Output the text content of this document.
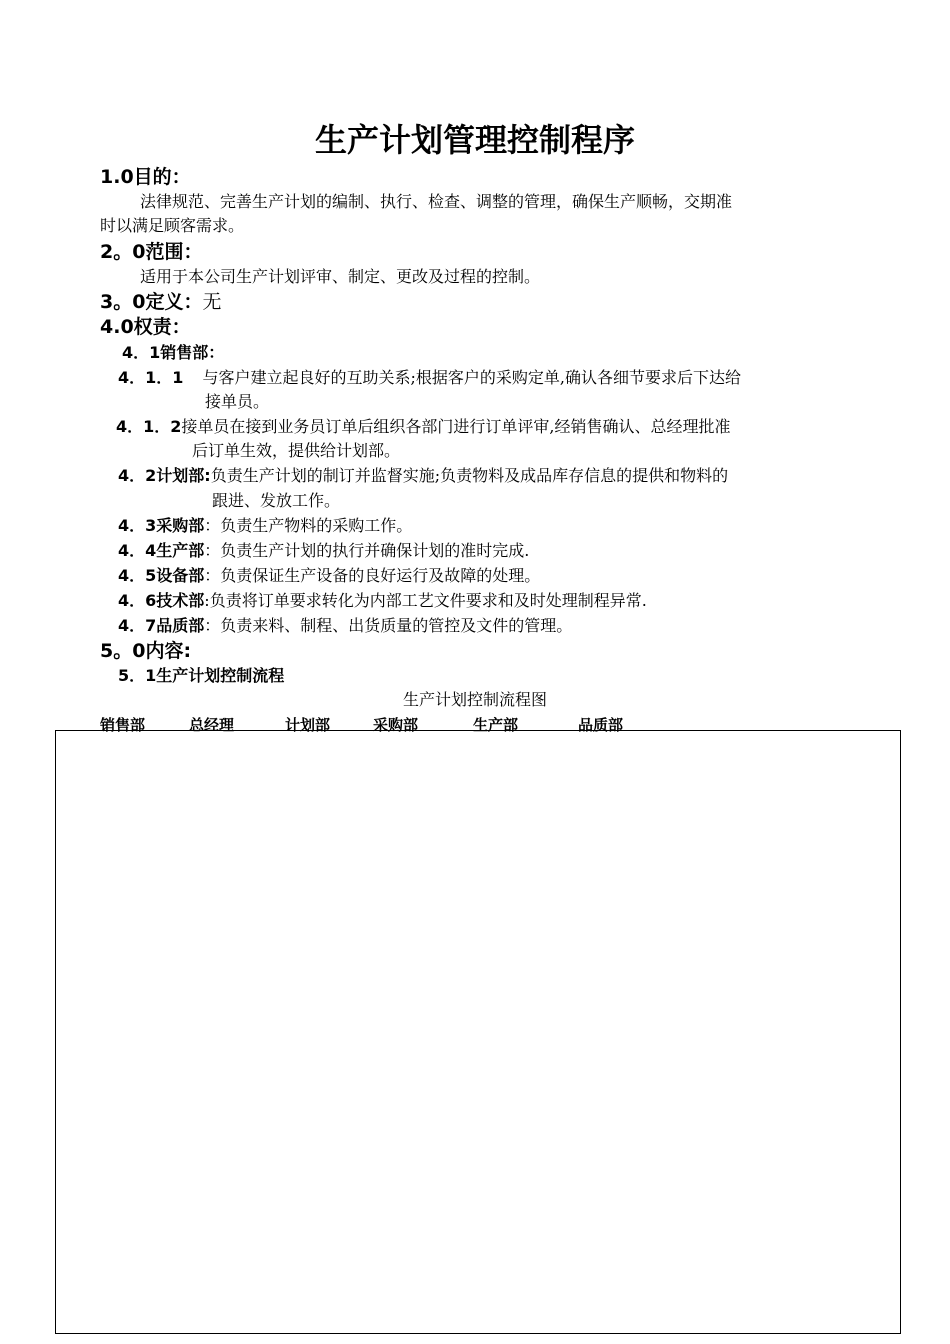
生产计划管理控制程序
1.0目的：
法律规范、完善生产计划的编制、执行、检查、调整的管理，确保生产顺畅，交期准
时以满足顾客需求。
2。0范围：
适用于本公司生产计划评审、制定、更改及过程的控制。
3。0定义：无
4.0权责：
4．1销售部：
4．1．1 与客户建立起良好的互助关系;根据客户的采购定单,确认各细节要求后下达给
接单员。
4．1．2接单员在接到业务员订单后组织各部门进行订单评审,经销售确认、总经理批准
后订单生效，提供给计划部。
4．2计划部:负责生产计划的制订并监督实施;负责物料及成品库存信息的提供和物料的
跟进、发放工作。
4．3采购部：负责生产物料的采购工作。
4．4生产部：负责生产计划的执行并确保计划的准时完成.
4．5设备部：负责保证生产设备的良好运行及故障的处理。
4．6技术部:负责将订单要求转化为内部工艺文件要求和及时处理制程异常.
4．7品质部：负责来料、制程、出货质量的管控及文件的管理。
5。0内容:
5．1生产计划控制流程
生产计划控制流程图
销售部	总经理	计划部	采购部	生产部	品质部
